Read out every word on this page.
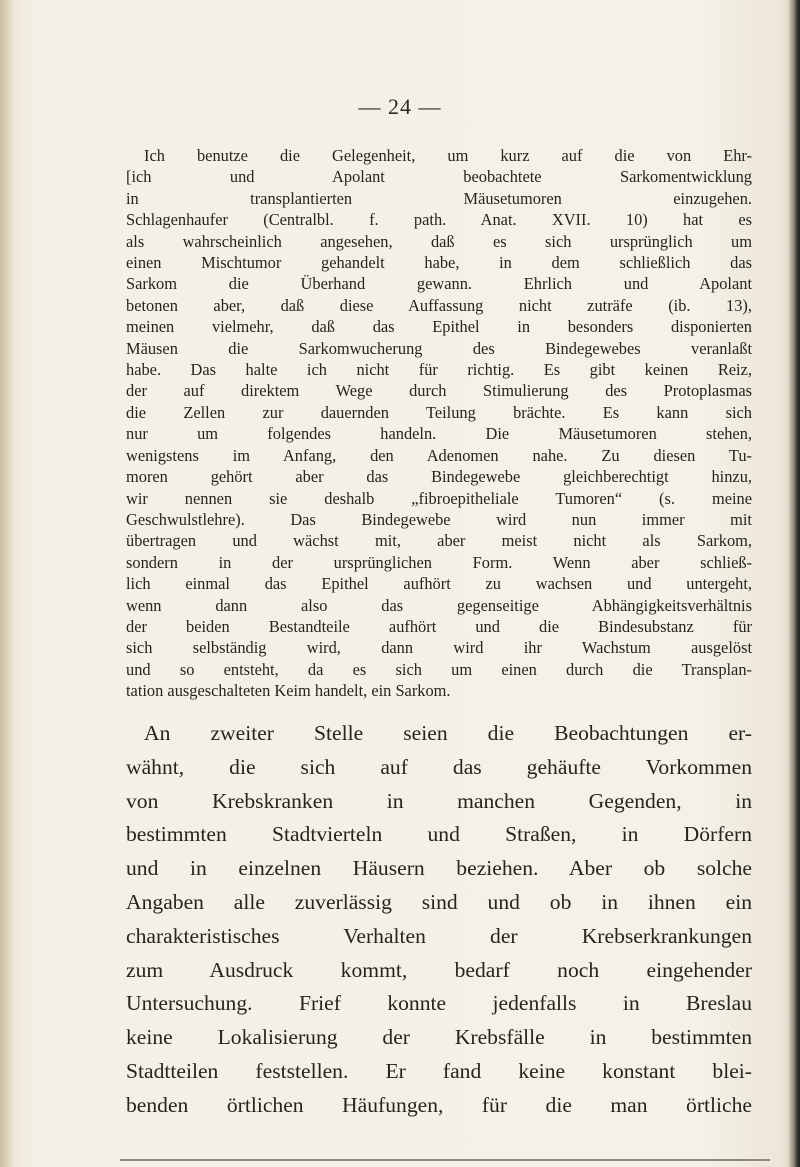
— 24 —
Ich benutze die Gelegenheit, um kurz auf die von Ehr-
[ich und Apolant beobachtete Sarkomentwicklung
in transplantierten Mäusetumoren einzugehen.
Schlagenhaufer (Centralbl. f. path. Anat. XVII. 10) hat es
als wahrscheinlich angesehen, daß es sich ursprünglich um
einen Mischtumor gehandelt habe, in dem schließlich das
Sarkom die Überhand gewann. Ehrlich und Apolant
betonen aber, daß diese Auffassung nicht zuträfe (ib. 13),
meinen vielmehr, daß das Epithel in besonders disponierten
Mäusen die Sarkomwucherung des Bindegewebes veranlaßt
habe. Das halte ich nicht für richtig. Es gibt keinen Reiz,
der auf direktem Wege durch Stimulierung des Protoplasmas
die Zellen zur dauernden Teilung brächte. Es kann sich
nur um folgendes handeln. Die Mäusetumoren stehen,
wenigstens im Anfang, den Adenomen nahe. Zu diesen Tu-
moren gehört aber das Bindegewebe gleichberechtigt hinzu,
wir nennen sie deshalb „fibroepitheliale Tumoren“ (s. meine
Geschwulstlehre). Das Bindegewebe wird nun immer mit
übertragen und wächst mit, aber meist nicht als Sarkom,
sondern in der ursprünglichen Form. Wenn aber schließ-
lich einmal das Epithel aufhört zu wachsen und untergeht,
wenn dann also das gegenseitige Abhängigkeitsverhältnis
der beiden Bestandteile aufhört und die Bindesubstanz für
sich selbständig wird, dann wird ihr Wachstum ausgelöst
und so entsteht, da es sich um einen durch die Transplan-
tation ausgeschalteten Keim handelt, ein Sarkom.
An zweiter Stelle seien die Beobachtungen er-
wähnt, die sich auf das gehäufte Vorkommen
von Krebskranken in manchen Gegenden, in
bestimmten Stadtvierteln und Straßen, in Dörfern
und in einzelnen Häusern beziehen. Aber ob solche
Angaben alle zuverlässig sind und ob in ihnen ein
charakteristisches Verhalten der Krebserkrankungen
zum Ausdruck kommt, bedarf noch eingehender
Untersuchung. Frief konnte jedenfalls in Breslau
keine Lokalisierung der Krebsfälle in bestimmten
Stadtteilen feststellen. Er fand keine konstant blei-
benden örtlichen Häufungen, für die man örtliche
